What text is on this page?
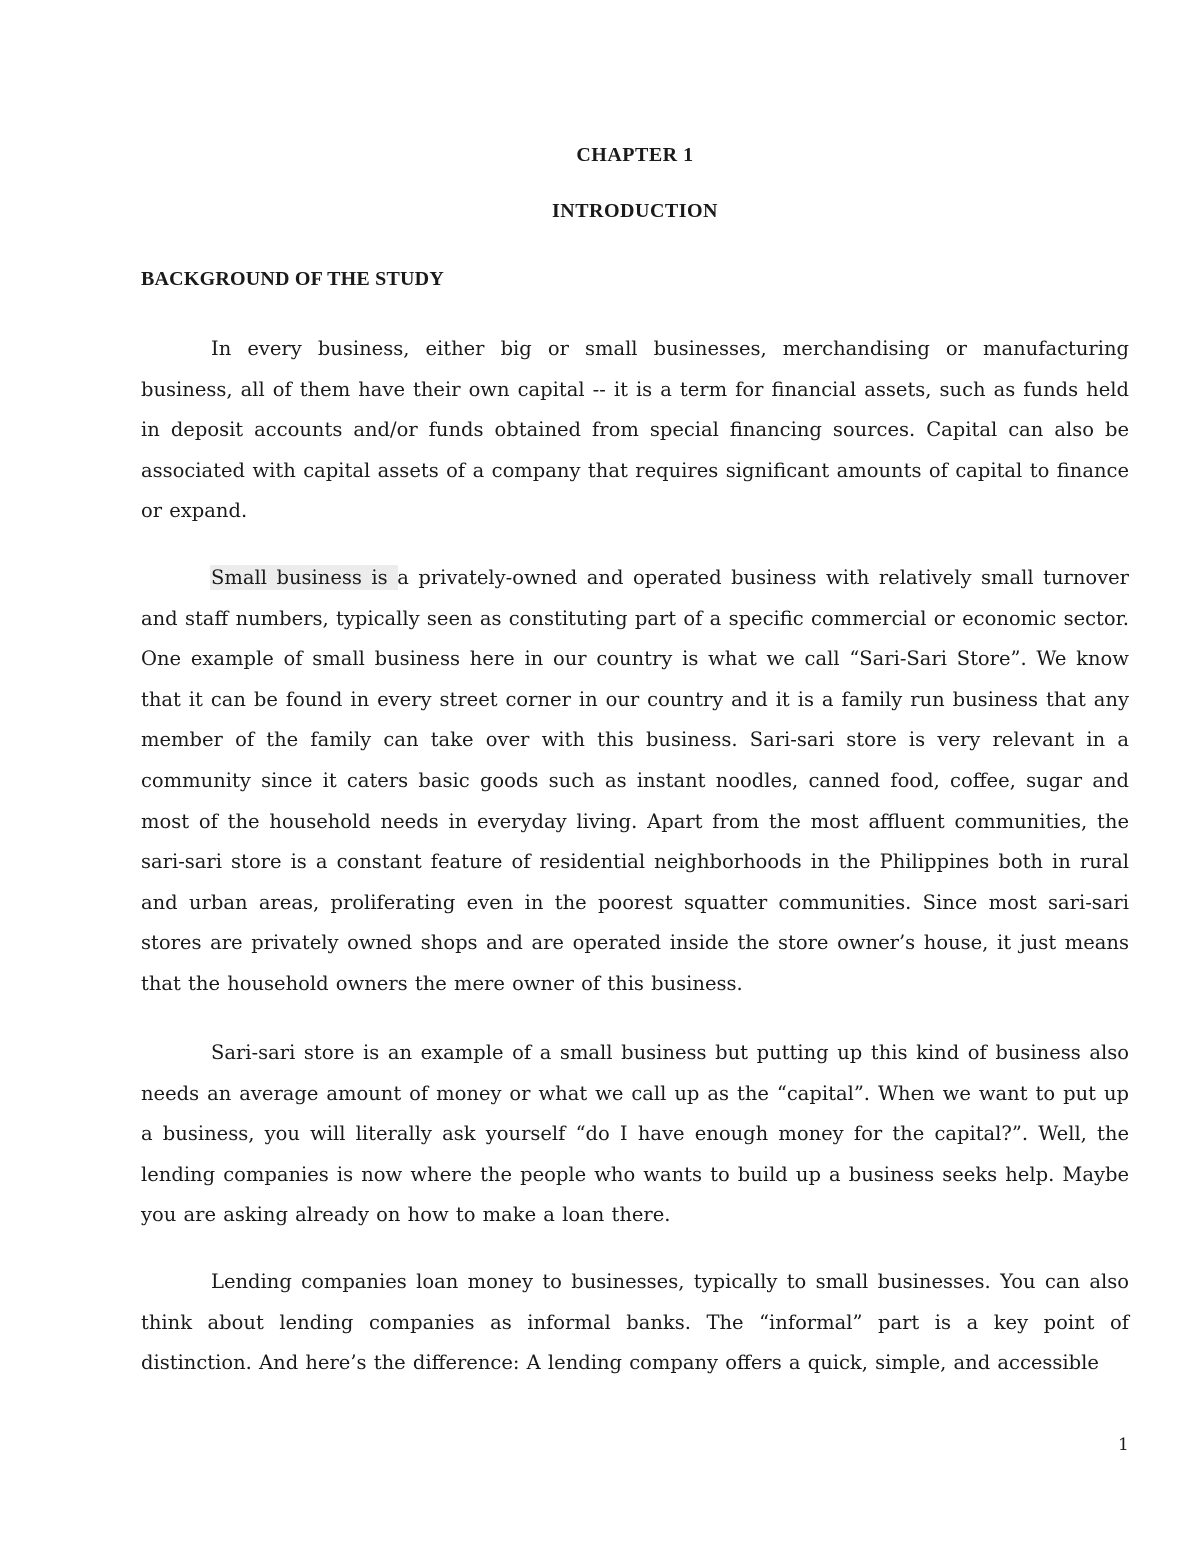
CHAPTER 1
INTRODUCTION
BACKGROUND OF THE STUDY

In every business, either big or small businesses, merchandising or manufacturing business, all of them have their own capital -- it is a term for financial assets, such as funds held in deposit accounts and/or funds obtained from special financing sources. Capital can also be associated with capital assets of a company that requires significant amounts of capital to finance or expand.

Small business is a privately-owned and operated business with relatively small turnover and staff numbers, typically seen as constituting part of a specific commercial or economic sector. One example of small business here in our country is what we call “Sari-Sari Store”. We know that it can be found in every street corner in our country and it is a family run business that any member of the family can take over with this business. Sari-sari store is very relevant in a community since it caters basic goods such as instant noodles, canned food, coffee, sugar and most of the household needs in everyday living. Apart from the most affluent communities, the sari-sari store is a constant feature of residential neighborhoods in the Philippines both in rural and urban areas, proliferating even in the poorest squatter communities. Since most sari-sari stores are privately owned shops and are operated inside the store owner’s house, it just means that the household owners the mere owner of this business.

Sari-sari store is an example of a small business but putting up this kind of business also needs an average amount of money or what we call up as the “capital”. When we want to put up a business, you will literally ask yourself “do I have enough money for the capital?”. Well, the lending companies is now where the people who wants to build up a business seeks help. Maybe you are asking already on how to make a loan there.

Lending companies loan money to businesses, typically to small businesses. You can also think about lending companies as informal banks. The “informal” part is a key point of distinction. And here’s the difference: A lending company offers a quick, simple, and accessible

1
